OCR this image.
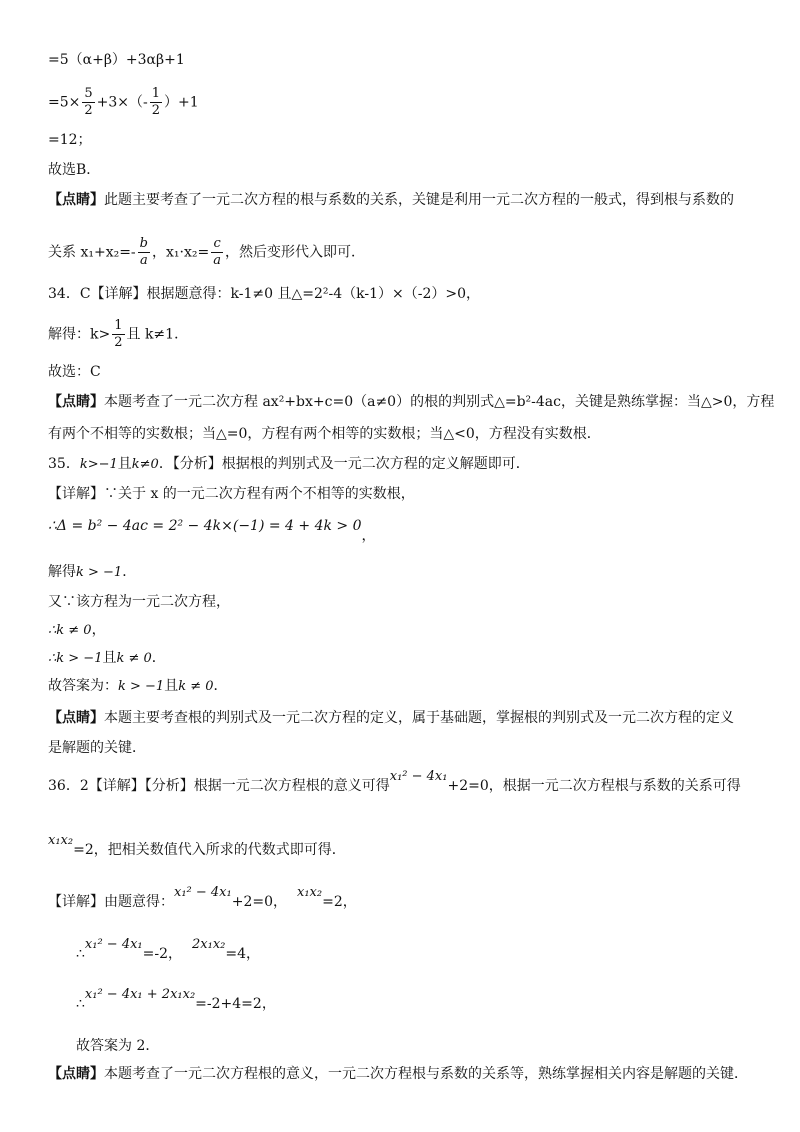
=5（α+β）+3αβ+1
$=5\times \frac{5}{2} +3\times(- \frac{1}{2} )+1$
=12；
故选B．
【点睛】此题主要考查了一元二次方程的根与系数的关系，关键是利用一元二次方程的一般式，得到根与系数的
关系 $x_1+x_2=- \frac{b}{a}$ ，$x_1\cdot x_2= \frac{c}{a}$ ，然后变形代入即可．
34．C【详解】根据题意得：k-1≠0 且△=2²-4（k-1）×（-2）>0，
解得：$k> \frac{1}{2}$ 且 k≠1．
故选：C
【点睛】本题考查了一元二次方程 ax²+bx+c=0（a≠0）的根的判别式△=b²-4ac，关键是熟练掌握：当△>0，方程
有两个不相等的实数根；当△=0，方程有两个相等的实数根；当△<0，方程没有实数根．
35．k>−1且k≠0．【分析】根据根的判别式及一元二次方程的定义解题即可．
【详解】∵关于 x 的一元二次方程有两个不相等的实数根，
∴Δ = b² − 4ac = 2² − 4k×(−1) = 4 + 4k > 0，
解得k > −1．
又∵该方程为一元二次方程，
∴k ≠ 0，
∴k > −1且k ≠ 0．
故答案为：k > −1且k ≠ 0．
【点睛】本题主要考查根的判别式及一元二次方程的定义，属于基础题，掌握根的判别式及一元二次方程的定义
是解题的关键．
36．2【详解】【分析】根据一元二次方程根的意义可得x₁² − 4x₁+2=0，根据一元二次方程根与系数的关系可得
x₁x₂=2，把相关数值代入所求的代数式即可得．
【详解】由题意得：x₁² − 4x₁+2=0，x₁x₂=2，
∴x₁² − 4x₁=-2，2x₁x₂=4，
∴x₁² − 4x₁ + 2x₁x₂=-2+4=2，
故答案为 2．
【点睛】本题考查了一元二次方程根的意义，一元二次方程根与系数的关系等，熟练掌握相关内容是解题的关键．
